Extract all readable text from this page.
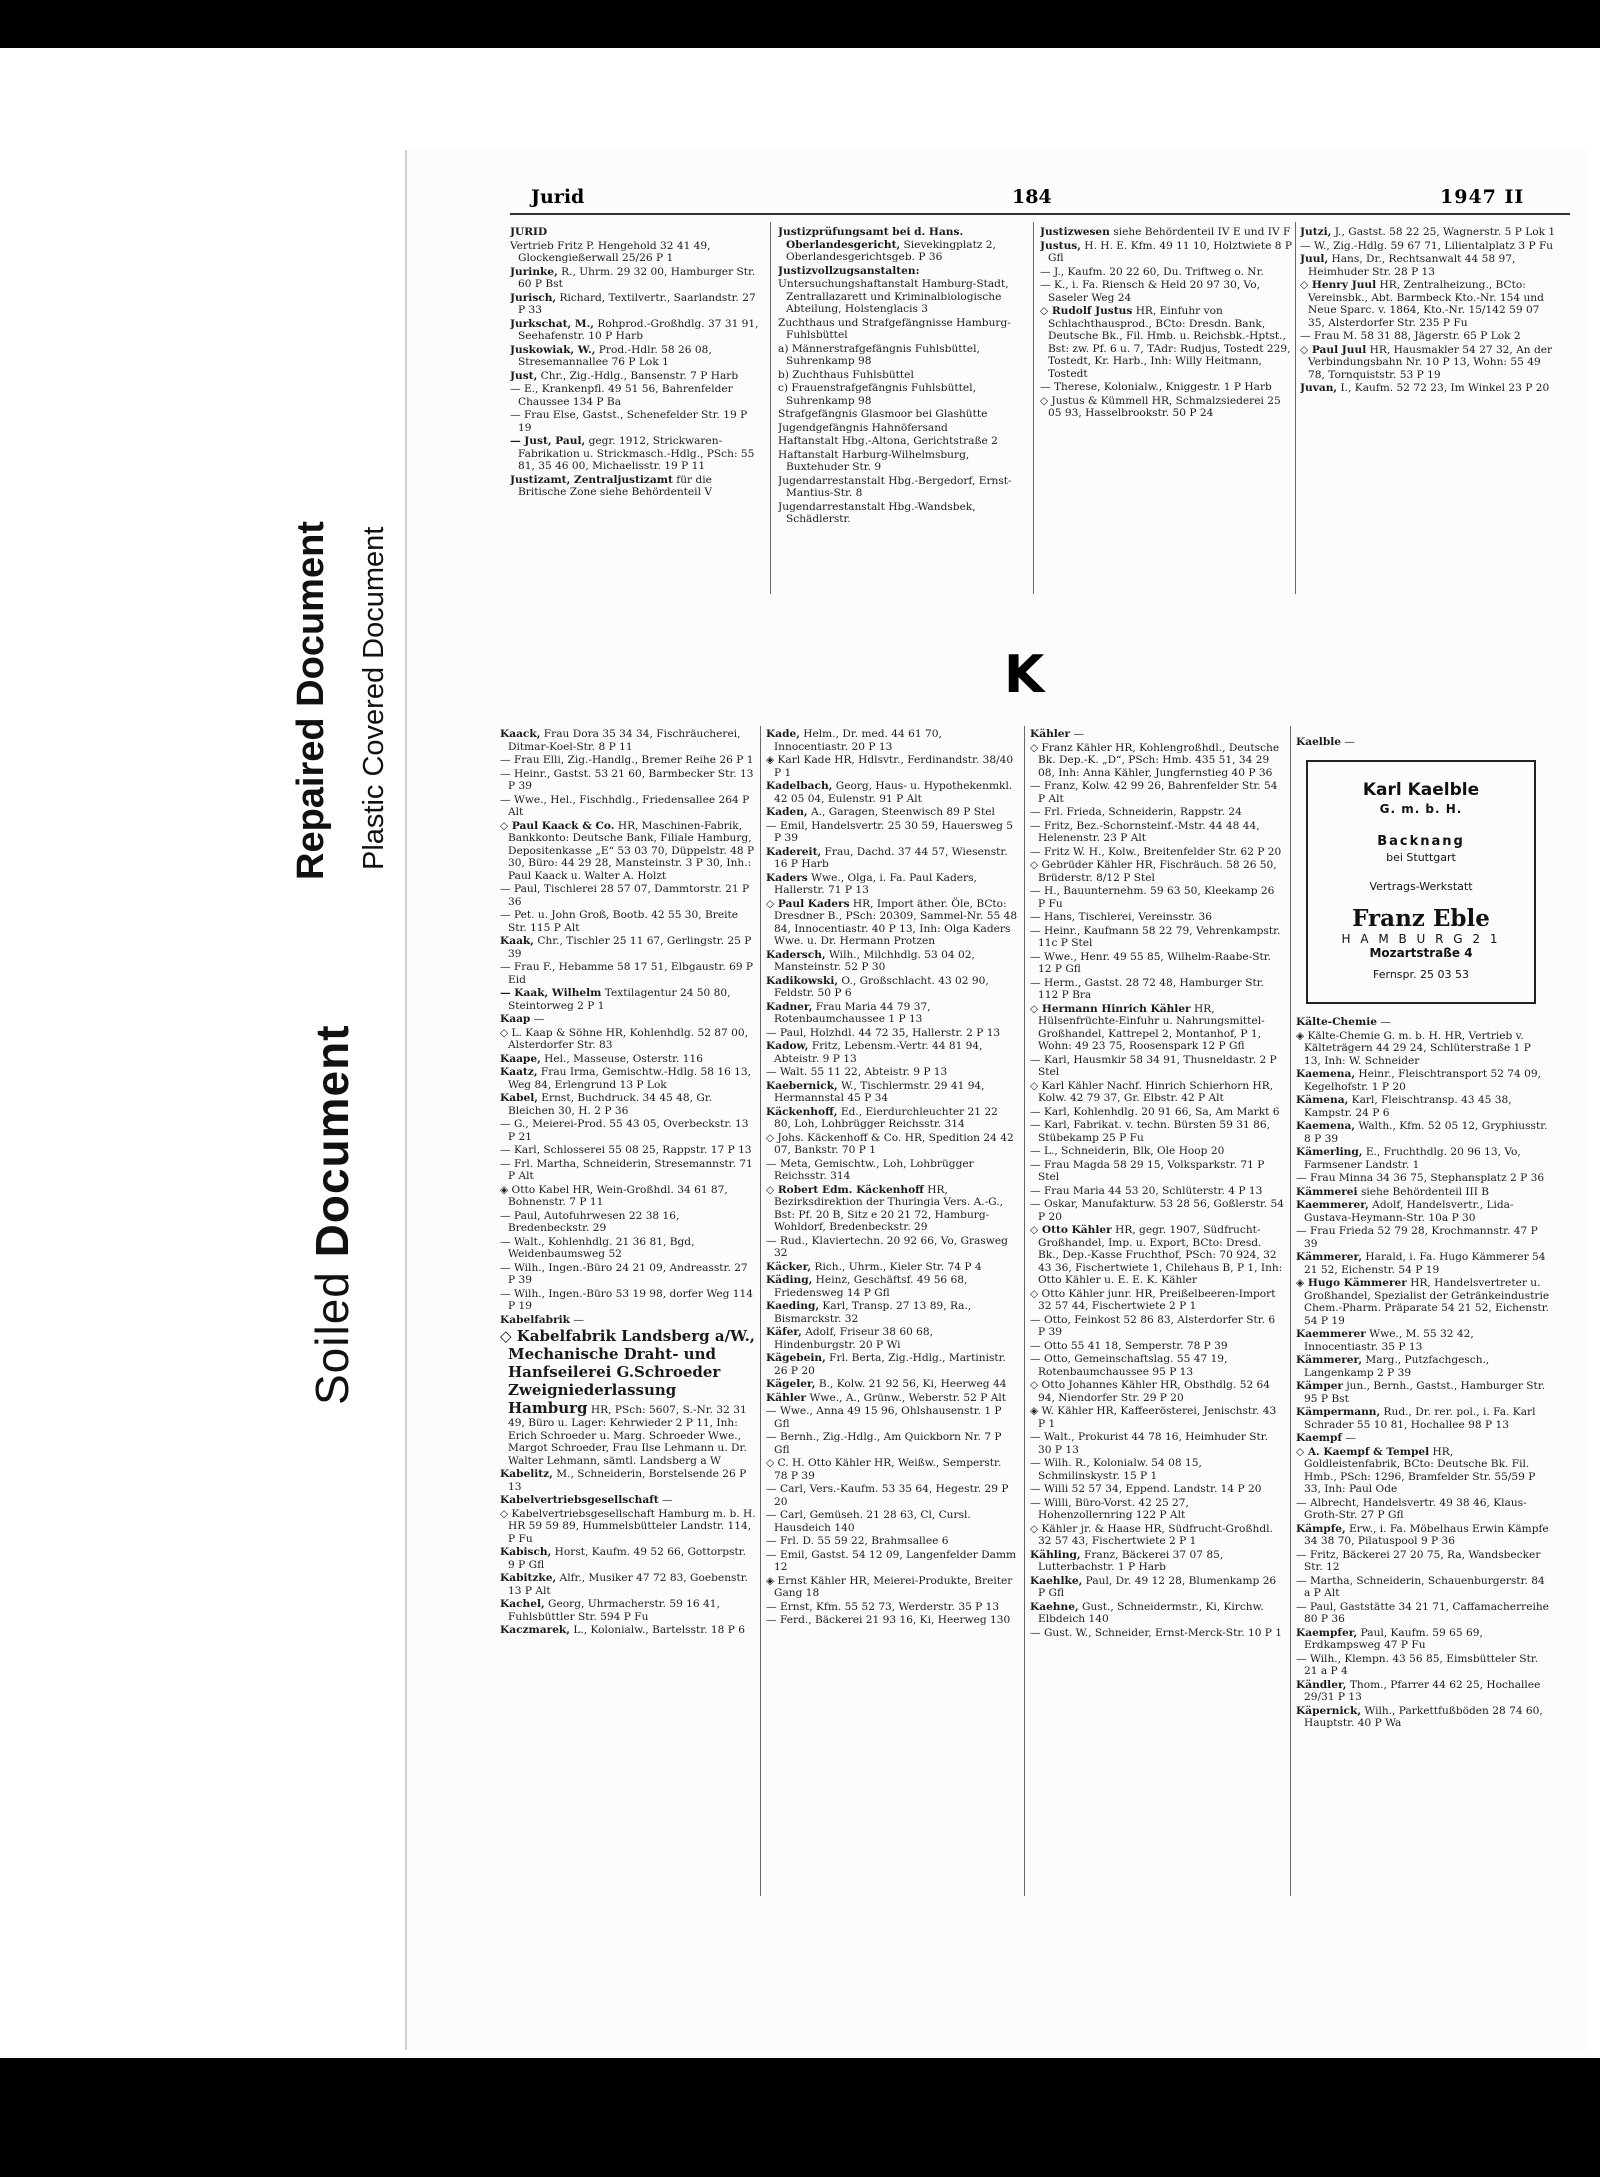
Repaired Document Plastic Covered Document
Soiled Document
Jurid	184	1947 II

JURID

Vertrieb Fritz P. Hengehold 32 41 49, Glockengießerwall 25/26 P 1

Jurinke, R., Uhrm. 29 32 00, Hamburger Str. 60 P Bst

Jurisch, Richard, Textilvertr., Saarlandstr. 27 P 33

Jurkschat, M., Rohprod.-Großhdlg. 37 31 91, Seehafenstr. 10 P Harb

Juskowiak, W., Prod.-Hdlr. 58 26 08, Stresemannallee 76 P Lok 1

Just, Chr., Zig.-Hdlg., Bansenstr. 7 P Harb

— E., Krankenpfl. 49 51 56, Bahrenfelder Chaussee 134 P Ba

— Frau Else, Gastst., Schenefelder Str. 19 P 19

— Just, Paul, gegr. 1912, Strickwaren-Fabrikation u. Strickmasch.-Hdlg., PSch: 55 81, 35 46 00, Michaelisstr. 19 P 11

Justizamt, Zentraljustizamt für die Britische Zone siehe Behördenteil V

Justizprüfungsamt bei d. Hans. Oberlandesgericht, Sievekingplatz 2, Oberlandesgerichtsgeb. P 36

Justizvollzugsanstalten:

Untersuchungshaftanstalt Hamburg-Stadt, Zentrallazarett und Kriminalbiologische Abteilung, Holstenglacis 3

Zuchthaus und Strafgefängnisse Hamburg-Fuhlsbüttel

a) Männerstrafgefängnis Fuhlsbüttel, Suhrenkamp 98

b) Zuchthaus Fuhlsbüttel

c) Frauenstrafgefängnis Fuhlsbüttel, Suhrenkamp 98

Strafgefängnis Glasmoor bei Glashütte

Jugendgefängnis Hahnöfersand

Haftanstalt Hbg.-Altona, Gerichtstraße 2

Haftanstalt Harburg-Wilhelmsburg, Buxtehuder Str. 9

Jugendarrestanstalt Hbg.-Bergedorf, Ernst-Mantius-Str. 8

Jugendarrestanstalt Hbg.-Wandsbek, Schädlerstr.

Justizwesen siehe Behördenteil IV E und IV F

Justus, H. H. E. Kfm. 49 11 10, Holztwiete 8 P Gfl

— J., Kaufm. 20 22 60, Du. Triftweg o. Nr.

— K., i. Fa. Riensch & Held 20 97 30, Vo, Saseler Weg 24

◇ Rudolf Justus HR, Einfuhr von Schlachthausprod., BCto: Dresdn. Bank, Deutsche Bk., Fil. Hmb. u. Reichsbk.-Hptst., Bst: zw. Pf. 6 u. 7, TAdr: Rudjus, Tostedt 229, Tostedt, Kr. Harb., Inh: Willy Heitmann, Tostedt

— Therese, Kolonialw., Kniggestr. 1 P Harb

◇ Justus & Kümmell HR, Schmalzsiederei 25 05 93, Hasselbrookstr. 50 P 24

Jutzi, J., Gastst. 58 22 25, Wagnerstr. 5 P Lok 1

— W., Zig.-Hdlg. 59 67 71, Lilientalplatz 3 P Fu

Juul, Hans, Dr., Rechtsanwalt 44 58 97, Heimhuder Str. 28 P 13

◇ Henry Juul HR, Zentralheizung., BCto: Vereinsbk., Abt. Barmbeck Kto.-Nr. 154 und Neue Sparc. v. 1864, Kto.-Nr. 15/142 59 07 35, Alsterdorfer Str. 235 P Fu

— Frau M. 58 31 88, Jägerstr. 65 P Lok 2

◇ Paul Juul HR, Hausmakler 54 27 32, An der Verbindungsbahn Nr. 10 P 13, Wohn: 55 49 78, Tornquiststr. 53 P 19

Juvan, I., Kaufm. 52 72 23, Im Winkel 23 P 20

K

Kaack, Frau Dora 35 34 34, Fischräucherei, Ditmar-Koel-Str. 8 P 11

— Frau Elli, Zig.-Handlg., Bremer Reihe 26 P 1

— Heinr., Gastst. 53 21 60, Barmbecker Str. 13 P 39

— Wwe., Hel., Fischhdlg., Friedensallee 264 P Alt

◇ Paul Kaack & Co. HR, Maschinen-Fabrik, Bankkonto: Deutsche Bank, Filiale Hamburg, Depositenkasse „E“ 53 03 70, Düppelstr. 48 P 30, Büro: 44 29 28, Mansteinstr. 3 P 30, Inh.: Paul Kaack u. Walter A. Holzt

— Paul, Tischlerei 28 57 07, Dammtorstr. 21 P 36

— Pet. u. John Groß, Bootb. 42 55 30, Breite Str. 115 P Alt

Kaak, Chr., Tischler 25 11 67, Gerlingstr. 25 P 39

— Frau F., Hebamme 58 17 51, Elbgaustr. 69 P Eid

— Kaak, Wilhelm Textilagentur 24 50 80, Steintorweg 2 P 1

Kaap —

◇ L. Kaap & Söhne HR, Kohlenhdlg. 52 87 00, Alsterdorfer Str. 83

Kaape, Hel., Masseuse, Osterstr. 116

Kaatz, Frau Irma, Gemischtw.-Hdlg. 58 16 13, Weg 84, Erlengrund 13 P Lok

Kabel, Ernst, Buchdruck. 34 45 48, Gr. Bleichen 30, H. 2 P 36

— G., Meierei-Prod. 55 43 05, Overbeckstr. 13 P 21

— Karl, Schlosserei 55 08 25, Rappstr. 17 P 13

— Frl. Martha, Schneiderin, Stresemannstr. 71 P Alt

◈ Otto Kabel HR, Wein-Großhdl. 34 61 87, Bohnenstr. 7 P 11

— Paul, Autofuhrwesen 22 38 16, Bredenbeckstr. 29

— Walt., Kohlenhdlg. 21 36 81, Bgd, Weidenbaumsweg 52

— Wilh., Ingen.-Büro 24 21 09, Andreasstr. 27 P 39

— Wilh., Ingen.-Büro 53 19 98, dorfer Weg 114 P 19

Kabelfabrik —

◇ Kabelfabrik Landsberg a/W., Mechanische Draht- und Hanfseilerei G.Schroeder Zweigniederlassung Hamburg HR, PSch: 5607, S.-Nr. 32 31 49, Büro u. Lager: Kehrwieder 2 P 11, Inh: Erich Schroeder u. Marg. Schroeder Wwe., Margot Schroeder, Frau Ilse Lehmann u. Dr. Walter Lehmann, sämtl. Landsberg a W

Kabelitz, M., Schneiderin, Borstelsende 26 P 13

Kabelvertriebsgesellschaft —

◇ Kabelvertriebsgesellschaft Hamburg m. b. H. HR 59 59 89, Hummelsbütteler Landstr. 114, P Fu

Kabisch, Horst, Kaufm. 49 52 66, Gottorpstr. 9 P Gfl

Kabitzke, Alfr., Musiker 47 72 83, Goebenstr. 13 P Alt

Kachel, Georg, Uhrmacherstr. 59 16 41, Fuhlsbüttler Str. 594 P Fu

Kaczmarek, L., Kolonialw., Bartelsstr. 18 P 6

Kade, Helm., Dr. med. 44 61 70, Innocentiastr. 20 P 13

◈ Karl Kade HR, Hdlsvtr., Ferdinandstr. 38/40 P 1

Kadelbach, Georg, Haus- u. Hypothekenmkl. 42 05 04, Eulenstr. 91 P Alt

Kaden, A., Garagen, Steenwisch 89 P Stel

— Emil, Handelsvertr. 25 30 59, Hauersweg 5 P 39

Kadereit, Frau, Dachd. 37 44 57, Wiesenstr. 16 P Harb

Kaders Wwe., Olga, i. Fa. Paul Kaders, Hallerstr. 71 P 13

◇ Paul Kaders HR, Import äther. Öle, BCto: Dresdner B., PSch: 20309, Sammel-Nr. 55 48 84, Innocentiastr. 40 P 13, Inh: Olga Kaders Wwe. u. Dr. Hermann Protzen

Kadersch, Wilh., Milchhdlg. 53 04 02, Mansteinstr. 52 P 30

Kadikowski, O., Großschlacht. 43 02 90, Feldstr. 50 P 6

Kadner, Frau Maria 44 79 37, Rotenbaumchaussee 1 P 13

— Paul, Holzhdl. 44 72 35, Hallerstr. 2 P 13

Kadow, Fritz, Lebensm.-Vertr. 44 81 94, Abteistr. 9 P 13

— Walt. 55 11 22, Abteistr. 9 P 13

Kaebernick, W., Tischlermstr. 29 41 94, Hermannstal 45 P 34

Käckenhoff, Ed., Eierdurchleuchter 21 22 80, Loh, Lohbrügger Reichsstr. 314

◇ Johs. Käckenhoff & Co. HR, Spedition 24 42 07, Bankstr. 70 P 1

— Meta, Gemischtw., Loh, Lohbrügger Reichsstr. 314

◇ Robert Edm. Käckenhoff HR, Bezirksdirektion der Thuringia Vers. A.-G., Bst: Pf. 20 B, Sitz e 20 21 72, Hamburg-Wohldorf, Bredenbeckstr. 29

— Rud., Klaviertechn. 20 92 66, Vo, Grasweg 32

Käcker, Rich., Uhrm., Kieler Str. 74 P 4

Käding, Heinz, Geschäftsf. 49 56 68, Friedensweg 14 P Gfl

Kaeding, Karl, Transp. 27 13 89, Ra., Bismarckstr. 32

Käfer, Adolf, Friseur 38 60 68, Hindenburgstr. 20 P Wi

Kägebein, Frl. Berta, Zig.-Hdlg., Martinistr. 26 P 20

Kägeler, B., Kolw. 21 92 56, Ki, Heerweg 44

Kähler Wwe., A., Grünw., Weberstr. 52 P Alt

— Wwe., Anna 49 15 96, Ohlshausenstr. 1 P Gfl

— Bernh., Zig.-Hdlg., Am Quickborn Nr. 7 P Gfl

◇ C. H. Otto Kähler HR, Weißw., Semperstr. 78 P 39

— Carl, Vers.-Kaufm. 53 35 64, Hegestr. 29 P 20

— Carl, Gemüseh. 21 28 63, Cl, Cursl. Hausdeich 140

— Frl. D. 55 59 22, Brahmsallee 6

— Emil, Gastst. 54 12 09, Langenfelder Damm 12

◈ Ernst Kähler HR, Meierei-Produkte, Breiter Gang 18

— Ernst, Kfm. 55 52 73, Werderstr. 35 P 13

— Ferd., Bäckerei 21 93 16, Ki, Heerweg 130

Kähler —

◇ Franz Kähler HR, Kohlengroßhdl., Deutsche Bk. Dep.-K. „D“, PSch: Hmb. 435 51, 34 29 08, Inh: Anna Kähler, Jungfernstieg 40 P 36

— Franz, Kolw. 42 99 26, Bahrenfelder Str. 54 P Alt

— Frl. Frieda, Schneiderin, Rappstr. 24

— Fritz, Bez.-Schornsteinf.-Mstr. 44 48 44, Helenenstr. 23 P Alt

— Fritz W. H., Kolw., Breitenfelder Str. 62 P 20

◇ Gebrüder Kähler HR, Fischräuch. 58 26 50, Brüderstr. 8/12 P Stel

— H., Bauunternehm. 59 63 50, Kleekamp 26 P Fu

— Hans, Tischlerei, Vereinsstr. 36

— Heinr., Kaufmann 58 22 79, Vehrenkampstr. 11c P Stel

— Wwe., Henr. 49 55 85, Wilhelm-Raabe-Str. 12 P Gfl

— Herm., Gastst. 28 72 48, Hamburger Str. 112 P Bra

◇ Hermann Hinrich Kähler HR, Hülsenfrüchte-Einfuhr u. Nahrungsmittel-Großhandel, Kattrepel 2, Montanhof, P 1, Wohn: 49 23 75, Roosenspark 12 P Gfl

— Karl, Hausmkir 58 34 91, Thusneldastr. 2 P Stel

◇ Karl Kähler Nachf. Hinrich Schierhorn HR, Kolw. 42 79 37, Gr. Elbstr. 42 P Alt

— Karl, Kohlenhdlg. 20 91 66, Sa, Am Markt 6

— Karl, Fabrikat. v. techn. Bürsten 59 31 86, Stübekamp 25 P Fu

— L., Schneiderin, Blk, Ole Hoop 20

— Frau Magda 58 29 15, Volksparkstr. 71 P Stel

— Frau Maria 44 53 20, Schlüterstr. 4 P 13

— Oskar, Manufakturw. 53 28 56, Goßlerstr. 54 P 20

◇ Otto Kähler HR, gegr. 1907, Südfrucht-Großhandel, Imp. u. Export, BCto: Dresd. Bk., Dep.-Kasse Fruchthof, PSch: 70 924, 32 43 36, Fischertwiete 1, Chilehaus B, P 1, Inh: Otto Kähler u. E. E. K. Kähler

◇ Otto Kähler junr. HR, Preißelbeeren-Import 32 57 44, Fischertwiete 2 P 1

— Otto, Feinkost 52 86 83, Alsterdorfer Str. 6 P 39

— Otto 55 41 18, Semperstr. 78 P 39

— Otto, Gemeinschaftslag. 55 47 19, Rotenbaumchaussee 95 P 13

◇ Otto Johannes Kähler HR, Obsthdlg. 52 64 94, Niendorfer Str. 29 P 20

◈ W. Kähler HR, Kaffeerösterei, Jenischstr. 43 P 1

— Walt., Prokurist 44 78 16, Heimhuder Str. 30 P 13

— Wilh. R., Kolonialw. 54 08 15, Schmilinskystr. 15 P 1

— Willi 52 57 34, Eppend. Landstr. 14 P 20

— Willi, Büro-Vorst. 42 25 27, Hohenzollernring 122 P Alt

◇ Kähler jr. & Haase HR, Südfrucht-Großhdl. 32 57 43, Fischertwiete 2 P 1

Kähling, Franz, Bäckerei 37 07 85, Lutterbachstr. 1 P Harb

Kaehlke, Paul, Dr. 49 12 28, Blumenkamp 26 P Gfl

Kaehne, Gust., Schneidermstr., Ki, Kirchw. Elbdeich 140

— Gust. W., Schneider, Ernst-Merck-Str. 10 P 1

Kaelble —

Kälte-Chemie —

◈ Kälte-Chemie G. m. b. H. HR, Vertrieb v. Kälteträgern 44 29 24, Schlüterstraße 1 P 13, Inh: W. Schneider

Kaemena, Heinr., Fleischtransport 52 74 09, Kegelhofstr. 1 P 20

Kämena, Karl, Fleischtransp. 43 45 38, Kampstr. 24 P 6

Kaemena, Walth., Kfm. 52 05 12, Gryphiusstr. 8 P 39

Kämerling, E., Fruchthdlg. 20 96 13, Vo, Farmsener Landstr. 1

— Frau Minna 34 36 75, Stephansplatz 2 P 36

Kämmerei siehe Behördenteil III B

Kaemmerer, Adolf, Handelsvertr., Lida-Gustava-Heymann-Str. 10a P 30

— Frau Frieda 52 79 28, Krochmannstr. 47 P 39

Kämmerer, Harald, i. Fa. Hugo Kämmerer 54 21 52, Eichenstr. 54 P 19

◈ Hugo Kämmerer HR, Handelsvertreter u. Großhandel, Spezialist der Getränkeindustrie Chem.-Pharm. Präparate 54 21 52, Eichenstr. 54 P 19

Kaemmerer Wwe., M. 55 32 42, Innocentiastr. 35 P 13

Kämmerer, Marg., Putzfachgesch., Langenkamp 2 P 39

Kämper jun., Bernh., Gastst., Hamburger Str. 95 P Bst

Kämpermann, Rud., Dr. rer. pol., i. Fa. Karl Schrader 55 10 81, Hochallee 98 P 13

Kaempf —

◇ A. Kaempf & Tempel HR, Goldleistenfabrik, BCto: Deutsche Bk. Fil. Hmb., PSch: 1296, Bramfelder Str. 55/59 P 33, Inh: Paul Ode

— Albrecht, Handelsvertr. 49 38 46, Klaus-Groth-Str. 27 P Gfl

Kämpfe, Erw., i. Fa. Möbelhaus Erwin Kämpfe 34 38 70, Pilatuspool 9 P 36

— Fritz, Bäckerei 27 20 75, Ra, Wandsbecker Str. 12

— Martha, Schneiderin, Schauenburgerstr. 84 a P Alt

— Paul, Gaststätte 34 21 71, Caffamacherreihe 80 P 36

Kaempfer, Paul, Kaufm. 59 65 69, Erdkampsweg 47 P Fu

— Wilh., Klempn. 43 56 85, Eimsbütteler Str. 21 a P 4

Kändler, Thom., Pfarrer 44 62 25, Hochallee 29/31 P 13

Käpernick, Wilh., Parkettfußböden 28 74 60, Hauptstr. 40 P Wa

Karl Kaelble
G. m. b. H.
Backnang
bei Stuttgart
Vertrags-Werkstatt
Franz Eble
H A M B U R G 2 1
Mozartstraße 4
Fernspr. 25 03 53
